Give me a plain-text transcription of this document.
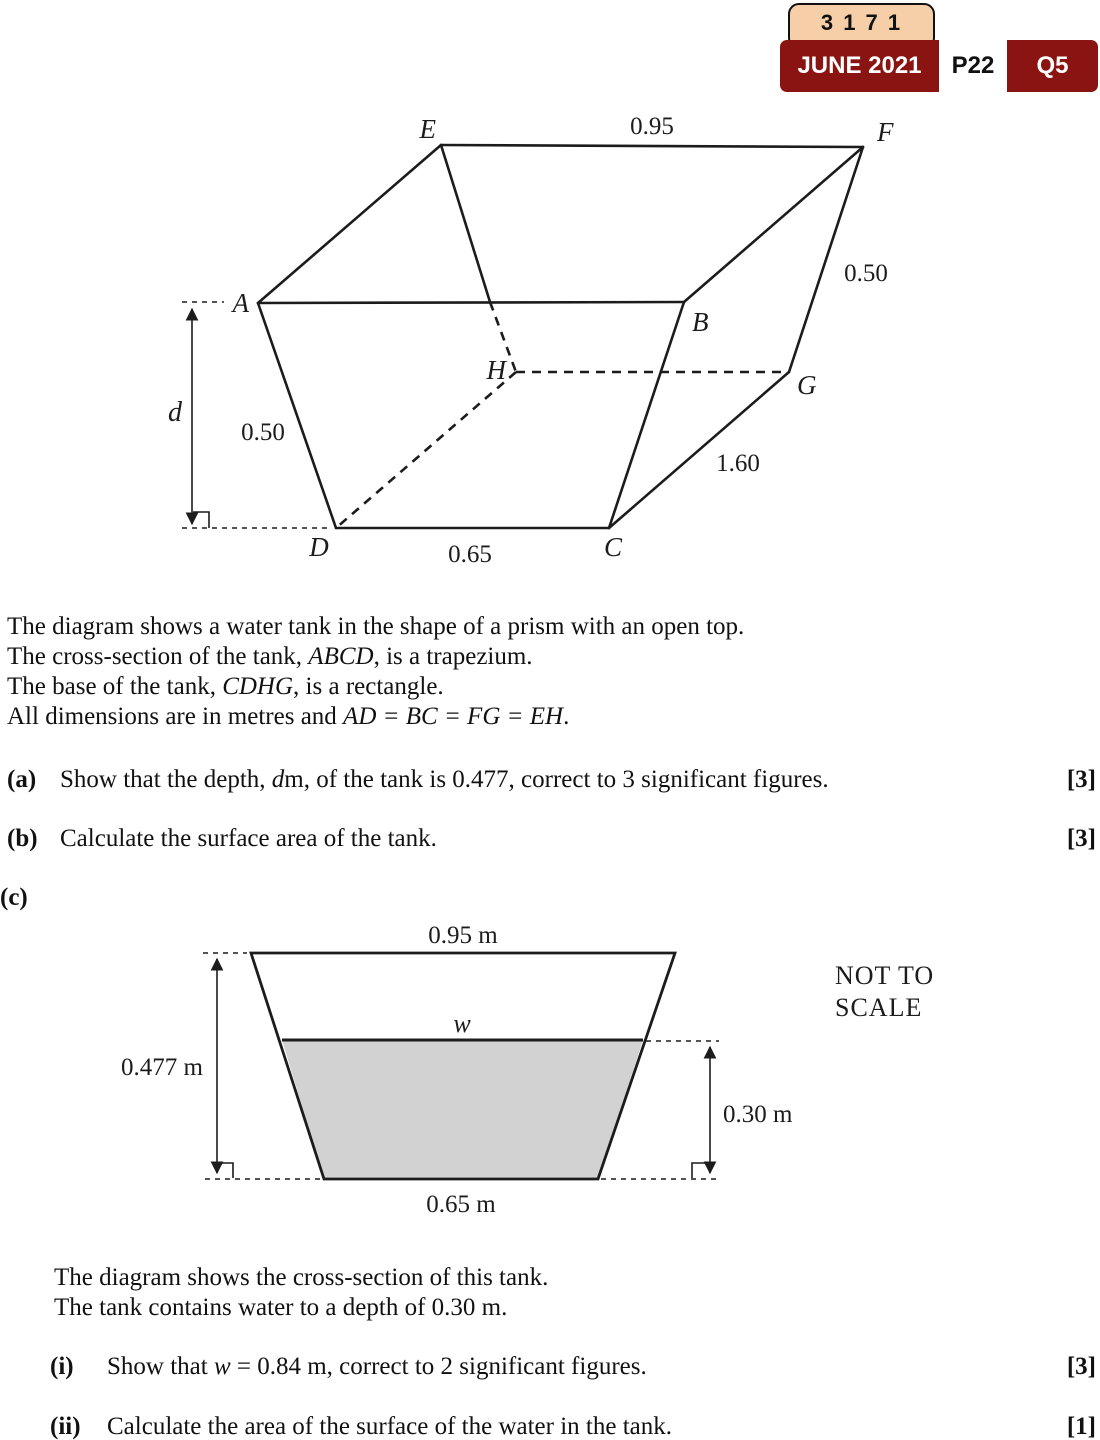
3 1 7 1
JUNE 2021	P22	Q5
d
E	F
A
B
H	G
D	C
0.95
0.50
0.50
1.60
0.65
The diagram shows a water tank in the shape of a prism with an open top.
The cross-section of the tank, ABCD, is a trapezium.
The base of the tank, CDHG, is a rectangle.
All dimensions are in metres and AD = BC = FG = EH.
(a) Show that the depth, dm, of the tank is 0.477, correct to 3 significant figures.	[3]
(b) Calculate the surface area of the tank.	[3]
(c)
0.95 m
w
0.477 m
0.30 m
0.65 m
NOT TO
SCALE
The diagram shows the cross-section of this tank.
The tank contains water to a depth of 0.30 m.
(i)	Show that w = 0.84 m, correct to 2 significant figures.	[3]
(ii)	Calculate the area of the surface of the water in the tank.	[1]
